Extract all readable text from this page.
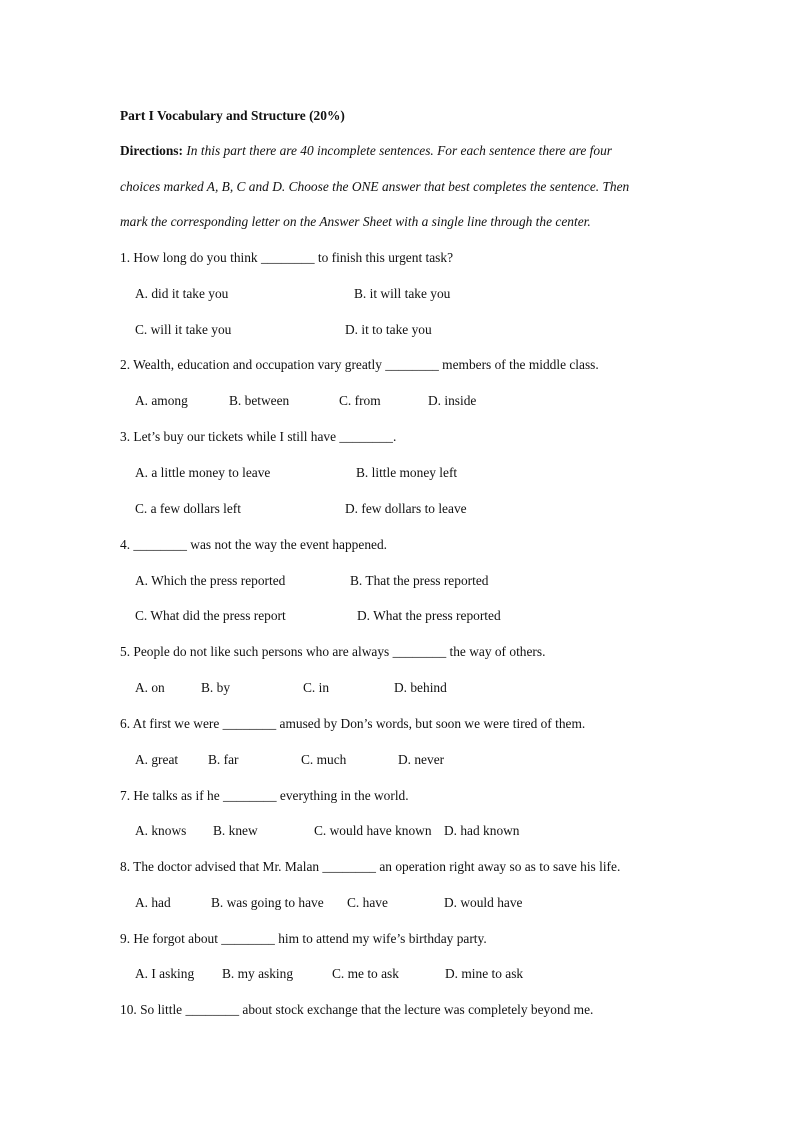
Part I Vocabulary and Structure (20%)
Directions: In this part there are 40 incomplete sentences. For each sentence there are four
choices marked A, B, C and D. Choose the ONE answer that best completes the sentence. Then
mark the corresponding letter on the Answer Sheet with a single line through the center.
1. How long do you think ________ to finish this urgent task?
A. did it take you	B. it will take you
C. will it take you	D. it to take you
2. Wealth, education and occupation vary greatly ________ members of the middle class.
A. among	B. between	C. from	D. inside
3. Let’s buy our tickets while I still have ________.
A. a little money to leave	B. little money left
C. a few dollars left	D. few dollars to leave
4. ________ was not the way the event happened.
A. Which the press reported	B. That the press reported
C. What did the press report	D. What the press reported
5. People do not like such persons who are always ________ the way of others.
A. on	B. by	C. in	D. behind
6. At first we were ________ amused by Don’s words, but soon we were tired of them.
A. great B. far	C. much	D. never
7. He talks as if he ________ everything in the world.
A. knows B. knew	C. would have known D. had known
8. The doctor advised that Mr. Malan ________ an operation right away so as to save his life.
A. had	B. was going to have C. have	D. would have
9. He forgot about ________ him to attend my wife’s birthday party.
A. I asking B. my asking	C. me to ask	D. mine to ask
10. So little ________ about stock exchange that the lecture was completely beyond me.
